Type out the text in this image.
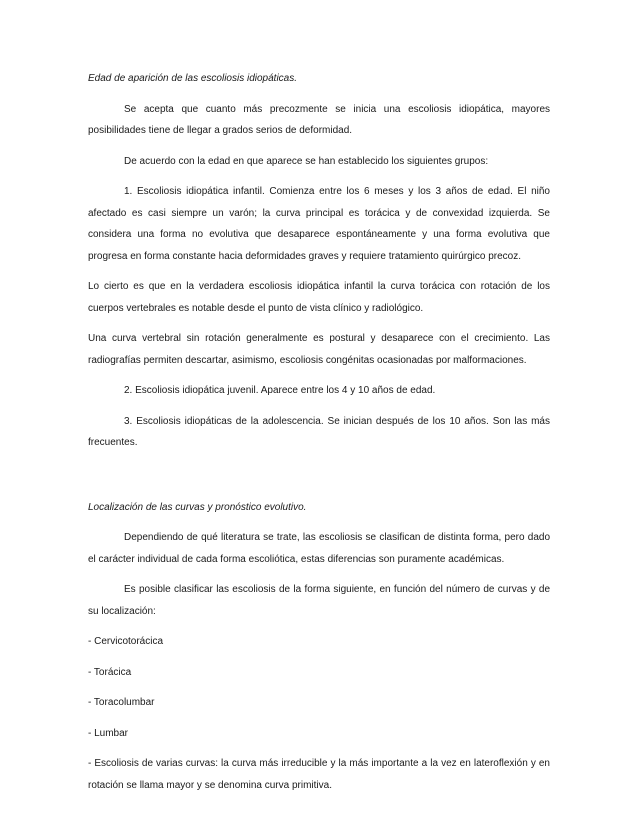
Edad de aparición de las escoliosis idiopáticas.

Se acepta que cuanto más precozmente se inicia una escoliosis idiopática, mayores posibilidades tiene de llegar a grados serios de deformidad.

De acuerdo con la edad en que aparece se han establecido los siguientes grupos:

1. Escoliosis idiopática infantil. Comienza entre los 6 meses y los 3 años de edad. El niño afectado es casi siempre un varón; la curva principal es torácica y de convexidad izquierda. Se considera una forma no evolutiva que desaparece espontáneamente y una forma evolutiva que progresa en forma constante hacia deformidades graves y requiere tratamiento quirúrgico precoz.

Lo cierto es que en la verdadera escoliosis idiopática infantil la curva torácica con rotación de los cuerpos vertebrales es notable desde el punto de vista clínico y radiológico.

Una curva vertebral sin rotación generalmente es postural y desaparece con el crecimiento. Las radiografías permiten descartar, asimismo, escoliosis congénitas ocasionadas por malformaciones.

2. Escoliosis idiopática juvenil. Aparece entre los 4 y 10 años de edad.

3. Escoliosis idiopáticas de la adolescencia. Se inician después de los 10 años. Son las más frecuentes.

Localización de las curvas y pronóstico evolutivo.

Dependiendo de qué literatura se trate, las escoliosis se clasifican de distinta forma, pero dado el carácter individual de cada forma escoliótica, estas diferencias son puramente académicas.

Es posible clasificar las escoliosis de la forma siguiente, en función del número de curvas y de su localización:

- Cervicotorácica

- Torácica

- Toracolumbar

- Lumbar

- Escoliosis de varias curvas: la curva más irreducible y la más importante a la vez en lateroflexión y en rotación se llama mayor y se denomina curva primitiva.
